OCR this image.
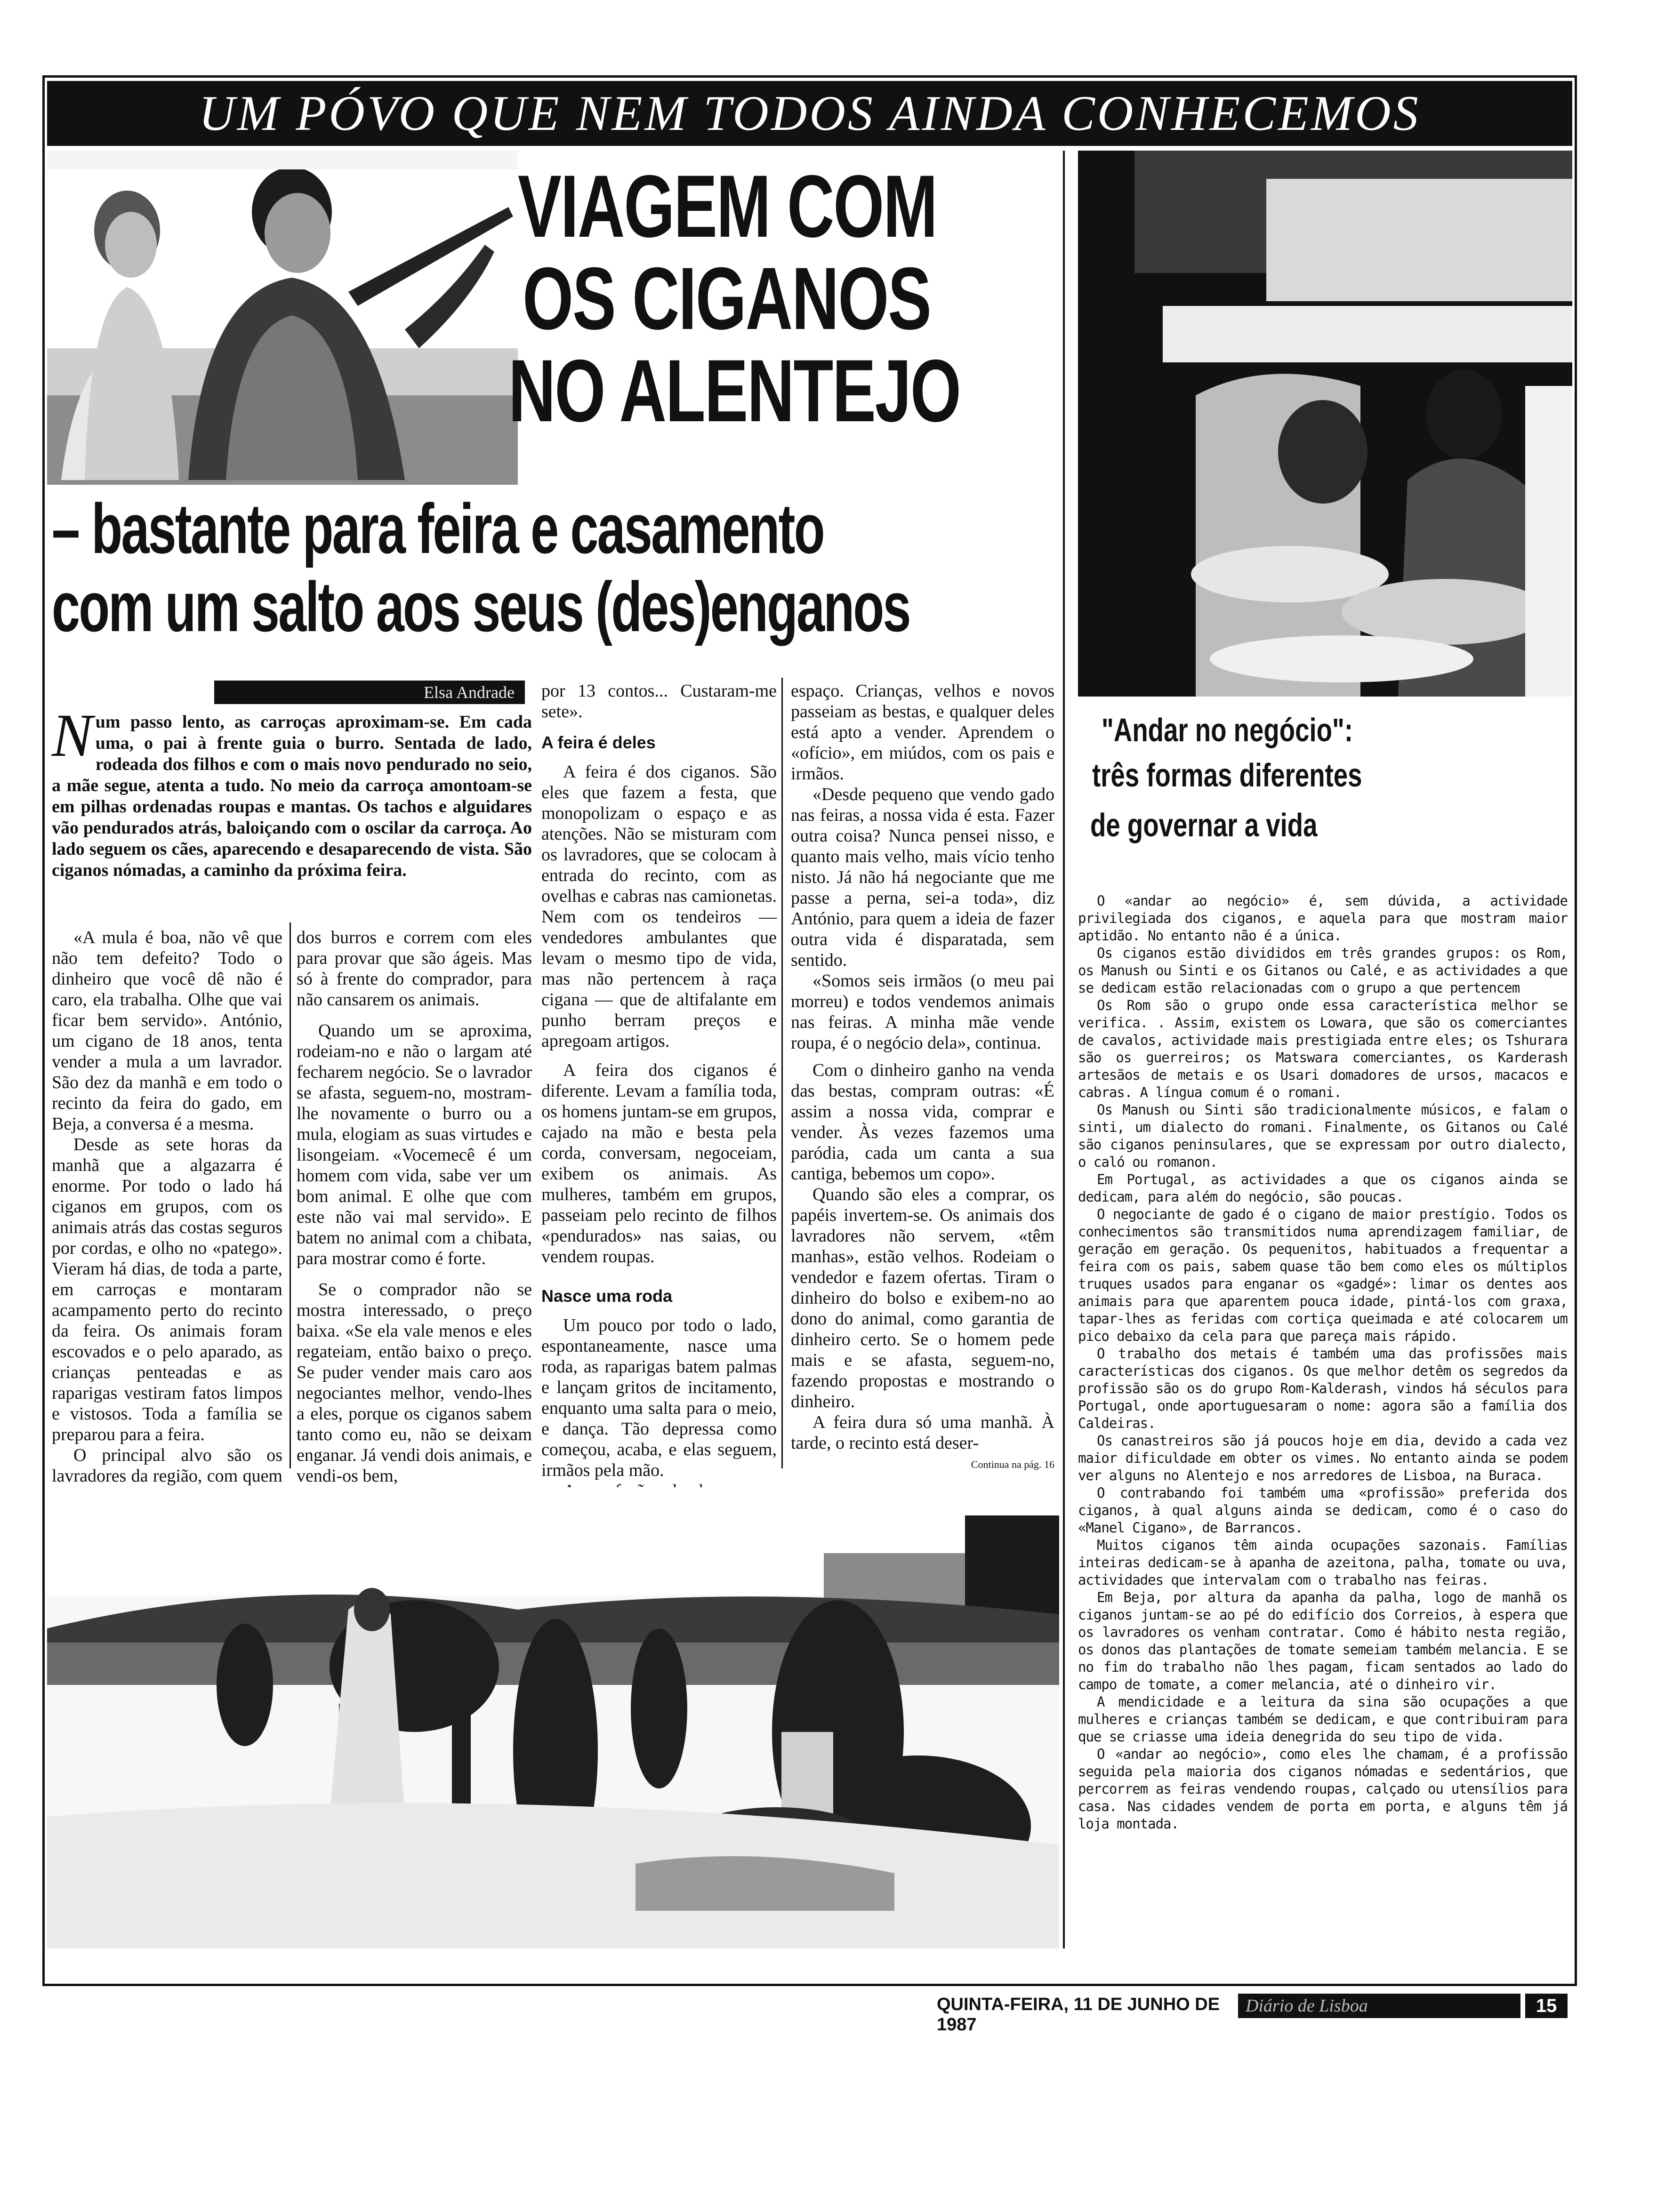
UM PÓVO QUE NEM TODOS AINDA CONHECEMOS
VIAGEM COM
OS CIGANOS
NO ALENTEJO
– bastante para feira e casamento
com um salto aos seus (des)enganos
Elsa Andrade
Num passo lento, as carroças aproximam-se. Em cada uma, o pai à frente guia o burro. Sentada de lado, rodeada dos filhos e com o mais novo pendurado no seio, a mãe segue, atenta a tudo. No meio da carroça amontoam-se em pilhas ordenadas roupas e mantas. Os tachos e alguidares vão pendurados atrás, baloiçando com o oscilar da carroça. Ao lado seguem os cães, aparecendo e desaparecendo de vista. São ciganos nómadas, a caminho da próxima feira.

«A mula é boa, não vê que não tem defeito? Todo o dinheiro que você dê não é caro, ela trabalha. Olhe que vai ficar bem servido». António, um cigano de 18 anos, tenta vender a mula a um lavrador. São dez da manhã e em todo o recinto da feira do gado, em Beja, a conversa é a mesma.

Desde as sete horas da manhã que a algazarra é enorme. Por todo o lado há ciganos em grupos, com os animais atrás das costas seguros por cordas, e olho no «patego». Vieram há dias, de toda a parte, em carroças e montaram acampamento perto do recinto da feira. Os animais foram escovados e o pelo aparado, as crianças penteadas e as raparigas vestiram fatos limpos e vistosos. Toda a família se preparou para a feira.

O principal alvo são os lavradores da região, com quem

dos burros e correm com eles para provar que são ágeis. Mas só à frente do comprador, para não cansarem os animais.

Quando um se aproxima, rodeiam-no e não o largam até fecharem negócio. Se o lavrador se afasta, seguem-no, mostram-lhe novamente o burro ou a mula, elogiam as suas virtudes e lisongeiam. «Vocemecê é um homem com vida, sabe ver um bom animal. E olhe que com este não vai mal servido». E batem no animal com a chibata, para mostrar como é forte.

Se o comprador não se mostra interessado, o preço baixa. «Se ela vale menos e eles regateiam, então baixo o preço. Se puder vender mais caro aos negociantes melhor, vendo-lhes a eles, porque os ciganos sabem tanto como eu, não se deixam enganar. Já vendi dois animais, e vendi-os bem,

por 13 contos... Custaram-me sete».

A feira é deles

A feira é dos ciganos. São eles que fazem a festa, que monopolizam o espaço e as atenções. Não se misturam com os lavradores, que se colocam à entrada do recinto, com as ovelhas e cabras nas camionetas. Nem com os tendeiros — vendedores ambulantes que levam o mesmo tipo de vida, mas não pertencem à raça cigana — que de altifalante em punho berram preços e apregoam artigos.

A feira dos ciganos é diferente. Levam a família toda, os homens juntam-se em grupos, cajado na mão e besta pela corda, conversam, negoceiam, exibem os animais. As mulheres, também em grupos, passeiam pelo recinto de filhos «pendurados» nas saias, ou vendem roupas.

Nasce uma roda

Um pouco por todo o lado, espontaneamente, nasce uma roda, as raparigas batem palmas e lançam gritos de incitamento, enquanto uma salta para o meio, e dança. Tão depressa como começou, acaba, e elas seguem, irmãos pela mão.

espaço. Crianças, velhos e novos passeiam as bestas, e qualquer deles está apto a vender. Aprendem o «ofício», em miúdos, com os pais e irmãos.

«Desde pequeno que vendo gado nas feiras, a nossa vida é esta. Fazer outra coisa? Nunca pensei nisso, e quanto mais velho, mais vício tenho nisto. Já não há negociante que me passe a perna, sei-a toda», diz António, para quem a ideia de fazer outra vida é disparatada, sem sentido.

«Somos seis irmãos (o meu pai morreu) e todos vendemos animais nas feiras. A minha mãe vende roupa, é o negócio dela», continua.

Com o dinheiro ganho na venda das bestas, compram outras: «É assim a nossa vida, comprar e vender. Às vezes fazemos uma paródia, cada um canta a sua cantiga, bebemos um copo».

Quando são eles a comprar, os papéis invertem-se. Os animais dos lavradores não servem, «têm manhas», estão velhos. Rodeiam o vendedor e fazem ofertas. Tiram o dinheiro do bolso e exibem-no ao dono do animal, como garantia de dinheiro certo. Se o homem pede mais e se afasta, seguem-no, fazendo propostas e mostrando o dinheiro.

A feira dura só uma manhã. À tarde, o recinto está deser-

Continua na pág. 16
"Andar no negócio":
três formas diferentes
de governar a vida

O «andar ao negócio» é, sem dúvida, a actividade privilegiada dos ciganos, e aquela para que mostram maior aptidão. No entanto não é a única.

Os ciganos estão divididos em três grandes grupos: os Rom, os Manush ou Sinti e os Gitanos ou Calé, e as actividades a que se dedicam estão relacionadas com o grupo a que pertencem

Os Rom são o grupo onde essa característica melhor se verifica. . Assim, existem os Lowara, que são os comerciantes de cavalos, actividade mais prestigiada entre eles; os Tshurara são os guerreiros; os Matswara comerciantes, os Karderash artesãos de metais e os Usari domadores de ursos, macacos e cabras. A língua comum é o romani.

Os Manush ou Sinti são tradicionalmente músicos, e falam o sinti, um dialecto do romani. Finalmente, os Gitanos ou Calé são ciganos peninsulares, que se expressam por outro dialecto, o caló ou romanon.

Em Portugal, as actividades a que os ciganos ainda se dedicam, para além do negócio, são poucas.

O negociante de gado é o cigano de maior prestígio. Todos os conhecimentos são transmitidos numa aprendizagem familiar, de geração em geração. Os pequenitos, habituados a frequentar a feira com os pais, sabem quase tão bem como eles os múltiplos truques usados para enganar os «gadgé»: limar os dentes aos animais para que aparentem pouca idade, pintá-los com graxa, tapar-lhes as feridas com cortiça queimada e até colocarem um pico debaixo da cela para que pareça mais rápido.

O trabalho dos metais é também uma das profissões mais características dos ciganos. Os que melhor detêm os segredos da profissão são os do grupo Rom-Kalderash, vindos há séculos para Portugal, onde aportuguesaram o nome: agora são a família dos Caldeiras.

Os canastreiros são já poucos hoje em dia, devido a cada vez maior dificuldade em obter os vimes. No entanto ainda se podem ver alguns no Alentejo e nos arredores de Lisboa, na Buraca.

O contrabando foi também uma «profissão» preferida dos ciganos, à qual alguns ainda se dedicam, como é o caso do «Manel Cigano», de Barrancos.

Muitos ciganos têm ainda ocupações sazonais. Famílias inteiras dedicam-se à apanha de azeitona, palha, tomate ou uva, actividades que intervalam com o trabalho nas feiras.

Em Beja, por altura da apanha da palha, logo de manhã os ciganos juntam-se ao pé do edifício dos Correios, à espera que os lavradores os venham contratar. Como é hábito nesta região, os donos das plantações de tomate semeiam também melancia. E se no fim do trabalho não lhes pagam, ficam sentados ao lado do campo de tomate, a comer melancia, até o dinheiro vir.

A mendicidade e a leitura da sina são ocupações a que mulheres e crianças também se dedicam, e que contribuiram para que se criasse uma ideia denegrida do seu tipo de vida.

O «andar ao negócio», como eles lhe chamam, é a profissão seguida pela maioria dos ciganos nómadas e sedentários, que percorrem as feiras vendendo roupas, calçado ou utensílios para casa. Nas cidades vendem de porta em porta, e alguns têm já loja montada.

QUINTA-FEIRA, 11 DE JUNHO DE 1987
Diário de Lisboa	15
